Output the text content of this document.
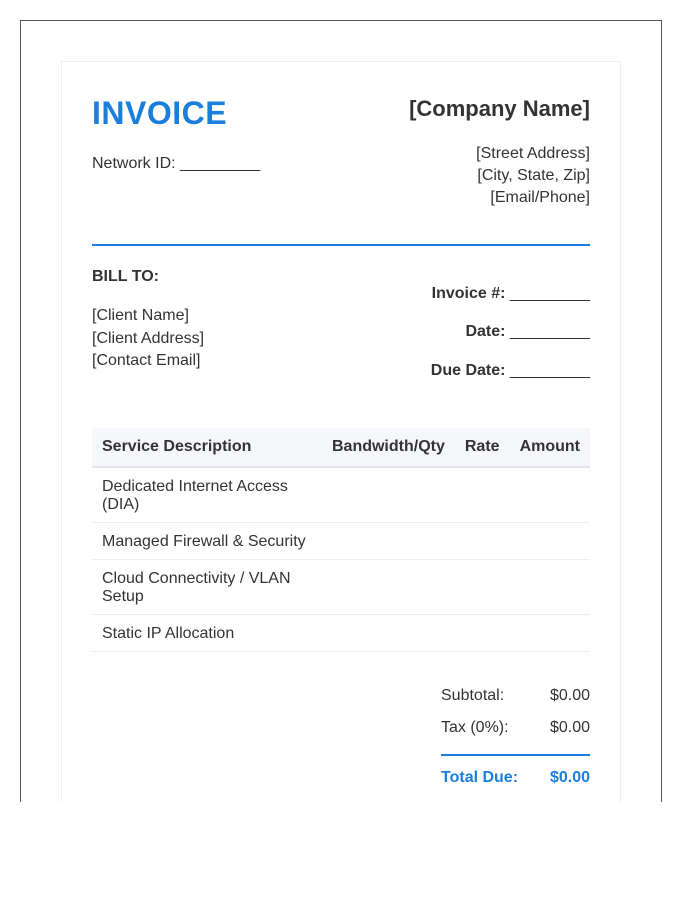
INVOICE
Network ID: _________
[Company Name]
[Street Address]
[City, State, Zip]
[Email/Phone]
BILL TO:
[Client Name]
[Client Address]
[Contact Email]
Invoice #: _________
Date: _________
Due Date: _________
Service Description	Bandwidth/Qty	Rate	Amount
Dedicated Internet Access (DIA)			
Managed Firewall & Security			
Cloud Connectivity / VLAN Setup			
Static IP Allocation			
Subtotal:	$0.00
Tax (0%):	$0.00
Total Due: $0.00
